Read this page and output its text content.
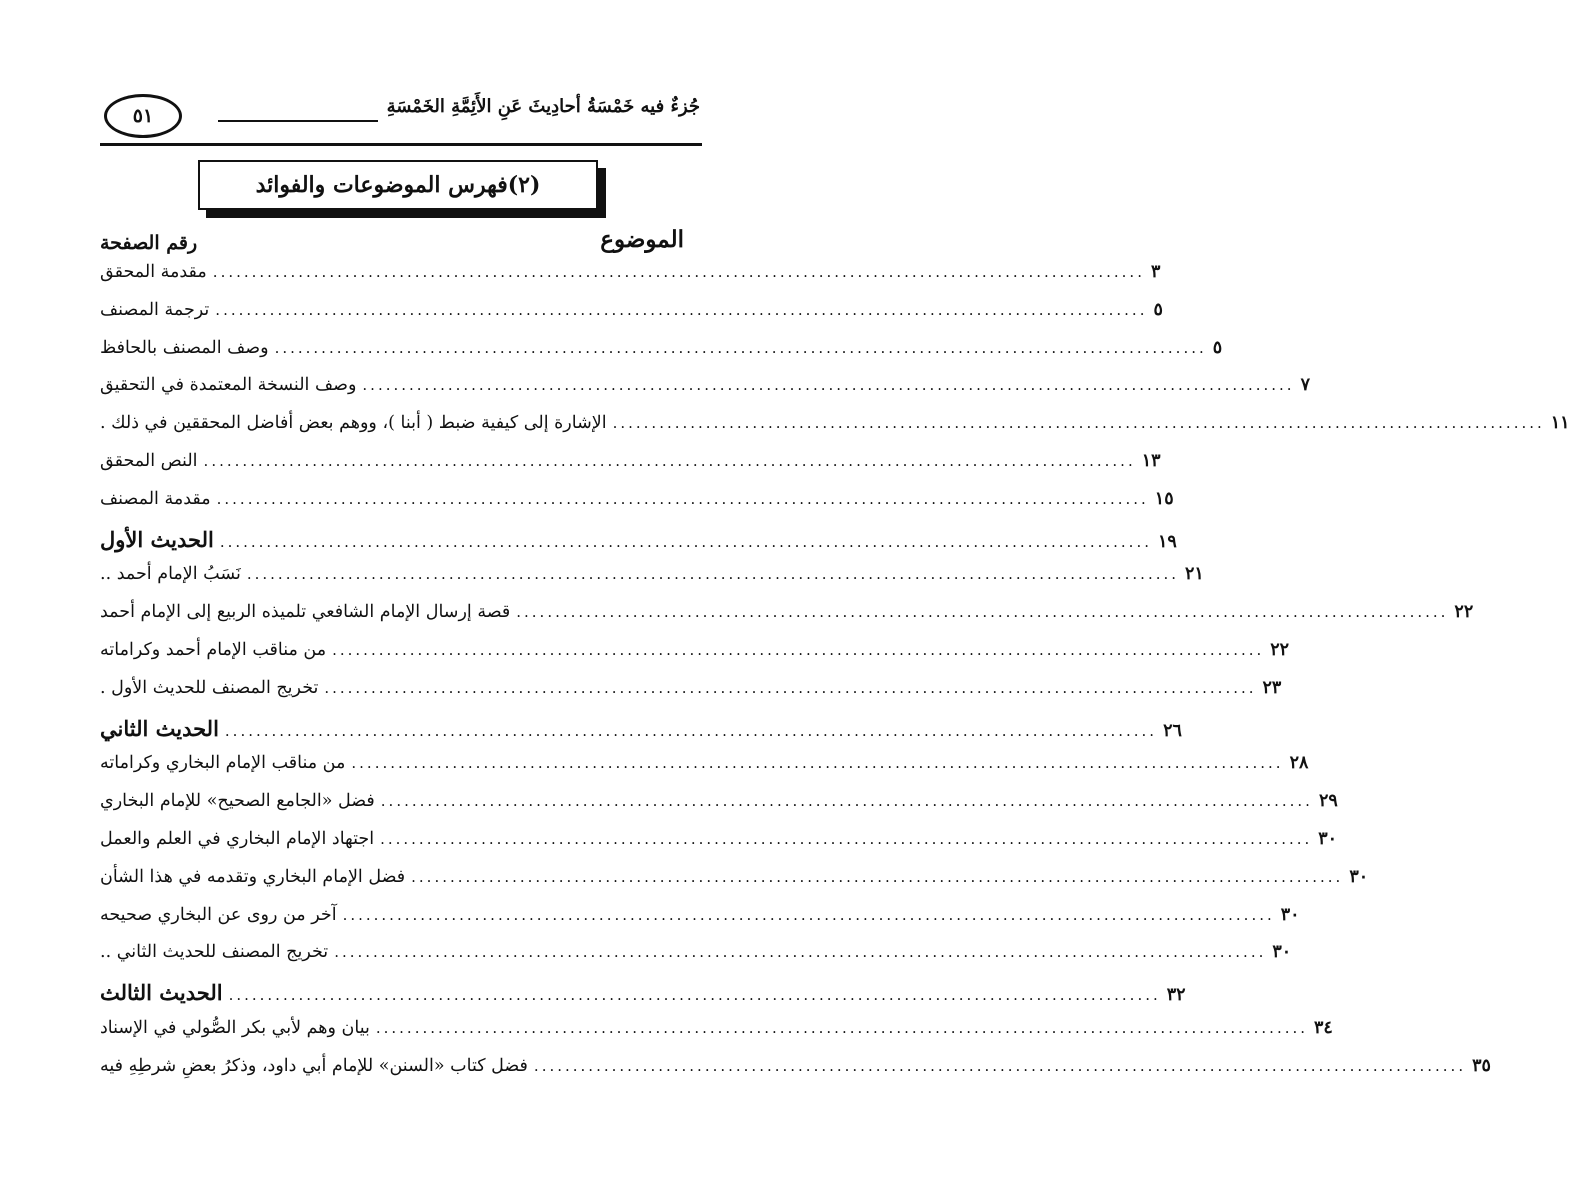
٥١	جُزءٌ فيه خَمْسَةُ أحادِيثَ عَنِ الأَئِمَّةِ الخَمْسَةِ
(٢)فهرس الموضوعات والفوائد
الموضوع
رقم الصفحة
مقدمة المحقق ........................................................................................................................ ٣
ترجمة المصنف ........................................................................................................................ ٥
وصف المصنف بالحافظ ........................................................................................................................ ٥
وصف النسخة المعتمدة في التحقيق ........................................................................................................................ ٧
الإشارة إلى كيفية ضبط ( أبنا )، ووهم بعض أفاضل المحققين في ذلك . ........................................................................................................................ ١١
النص المحقق ........................................................................................................................ ١٣
مقدمة المصنف ........................................................................................................................ ١٥
الحديث الأول ........................................................................................................................ ١٩
نَسَبُ الإمام أحمد .. ........................................................................................................................ ٢١
قصة إرسال الإمام الشافعي تلميذه الربيع إلى الإمام أحمد ........................................................................................................................ ٢٢
من مناقب الإمام أحمد وكراماته ........................................................................................................................ ٢٢
تخريج المصنف للحديث الأول . ........................................................................................................................ ٢٣
الحديث الثاني ........................................................................................................................ ٢٦
من مناقب الإمام البخاري وكراماته ........................................................................................................................ ٢٨
فضل «الجامع الصحيح» للإمام البخاري ........................................................................................................................ ٢٩
اجتهاد الإمام البخاري في العلم والعمل ........................................................................................................................ ٣٠
فضل الإمام البخاري وتقدمه في هذا الشأن ........................................................................................................................ ٣٠
آخر من روى عن البخاري صحيحه ........................................................................................................................ ٣٠
تخريج المصنف للحديث الثاني .. ........................................................................................................................ ٣٠
الحديث الثالث ........................................................................................................................ ٣٢
بيان وهم لأبي بكر الصُّولي في الإسناد ........................................................................................................................ ٣٤
فضل كتاب «السنن» للإمام أبي داود، وذكرُ بعضِ شرطِهِ فيه ........................................................................................................................ ٣٥
